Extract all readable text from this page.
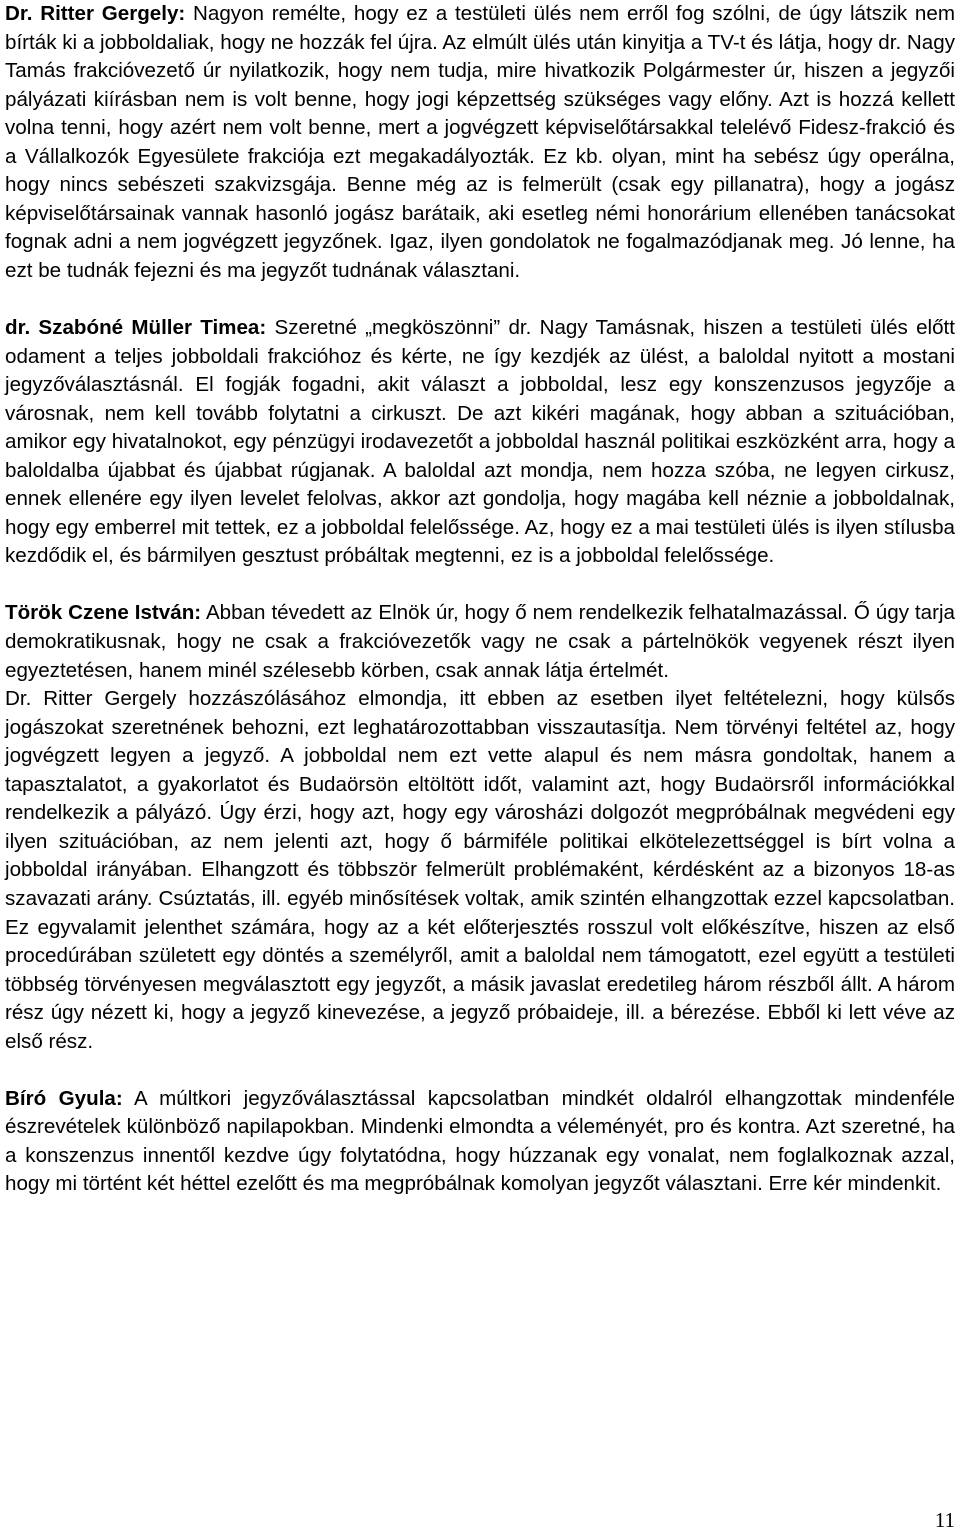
Dr. Ritter Gergely: Nagyon remélte, hogy ez a testületi ülés nem erről fog szólni, de úgy látszik nem bírták ki a jobboldaliak, hogy ne hozzák fel újra. Az elmúlt ülés után kinyitja a TV-t és látja, hogy dr. Nagy Tamás frakcióvezető úr nyilatkozik, hogy nem tudja, mire hivatkozik Polgármester úr, hiszen a jegyzői pályázati kiírásban nem is volt benne, hogy jogi képzettség szükséges vagy előny. Azt is hozzá kellett volna tenni, hogy azért nem volt benne, mert a jogvégzett képviselőtársakkal telelévő Fidesz-frakció és a Vállalkozók Egyesülete frakciója ezt megakadályozták. Ez kb. olyan, mint ha sebész úgy operálna, hogy nincs sebészeti szakvizsgája. Benne még az is felmerült (csak egy pillanatra), hogy a jogász képviselőtársainak vannak hasonló jogász barátaik, aki esetleg némi honorárium ellenében tanácsokat fognak adni a nem jogvégzett jegyzőnek. Igaz, ilyen gondolatok ne fogalmazódjanak meg. Jó lenne, ha ezt be tudnák fejezni és ma jegyzőt tudnának választani.

dr. Szabóné Müller Timea: Szeretné „megköszönni” dr. Nagy Tamásnak, hiszen a testületi ülés előtt odament a teljes jobboldali frakcióhoz és kérte, ne így kezdjék az ülést, a baloldal nyitott a mostani jegyzőválasztásnál. El fogják fogadni, akit választ a jobboldal, lesz egy konszenzusos jegyzője a városnak, nem kell tovább folytatni a cirkuszt. De azt kikéri magának, hogy abban a szituációban, amikor egy hivatalnokot, egy pénzügyi irodavezetőt a jobboldal használ politikai eszközként arra, hogy a baloldalba újabbat és újabbat rúgjanak. A baloldal azt mondja, nem hozza szóba, ne legyen cirkusz, ennek ellenére egy ilyen levelet felolvas, akkor azt gondolja, hogy magába kell néznie a jobboldalnak, hogy egy emberrel mit tettek, ez a jobboldal felelőssége. Az, hogy ez a mai testületi ülés is ilyen stílusba kezdődik el, és bármilyen gesztust próbáltak megtenni, ez is a jobboldal felelőssége.

Török Czene István: Abban tévedett az Elnök úr, hogy ő nem rendelkezik felhatalmazással. Ő úgy tarja demokratikusnak, hogy ne csak a frakcióvezetők vagy ne csak a pártelnökök vegyenek részt ilyen egyeztetésen, hanem minél szélesebb körben, csak annak látja értelmét.

Dr. Ritter Gergely hozzászólásához elmondja, itt ebben az esetben ilyet feltételezni, hogy külsős jogászokat szeretnének behozni, ezt leghatározottabban visszautasítja. Nem törvényi feltétel az, hogy jogvégzett legyen a jegyző. A jobboldal nem ezt vette alapul és nem másra gondoltak, hanem a tapasztalatot, a gyakorlatot és Budaörsön eltöltött időt, valamint azt, hogy Budaörsről információkkal rendelkezik a pályázó. Úgy érzi, hogy azt, hogy egy városházi dolgozót megpróbálnak megvédeni egy ilyen szituációban, az nem jelenti azt, hogy ő bármiféle politikai elkötelezettséggel is bírt volna a jobboldal irányában. Elhangzott és többször felmerült problémaként, kérdésként az a bizonyos 18-as szavazati arány. Csúztatás, ill. egyéb minősítések voltak, amik szintén elhangzottak ezzel kapcsolatban. Ez egyvalamit jelenthet számára, hogy az a két előterjesztés rosszul volt előkészítve, hiszen az első procedúrában született egy döntés a személyről, amit a baloldal nem támogatott, ezel együtt a testületi többség törvényesen megválasztott egy jegyzőt, a másik javaslat eredetileg három részből állt. A három rész úgy nézett ki, hogy a jegyző kinevezése, a jegyző próbaideje, ill. a bérezése. Ebből ki lett véve az első rész.

Bíró Gyula: A múltkori jegyzőválasztással kapcsolatban mindkét oldalról elhangzottak mindenféle észrevételek különböző napilapokban. Mindenki elmondta a véleményét, pro és kontra. Azt szeretné, ha a konszenzus innentől kezdve úgy folytatódna, hogy húzzanak egy vonalat, nem foglalkoznak azzal, hogy mi történt két héttel ezelőtt és ma megpróbálnak komolyan jegyzőt választani. Erre kér mindenkit.

11
